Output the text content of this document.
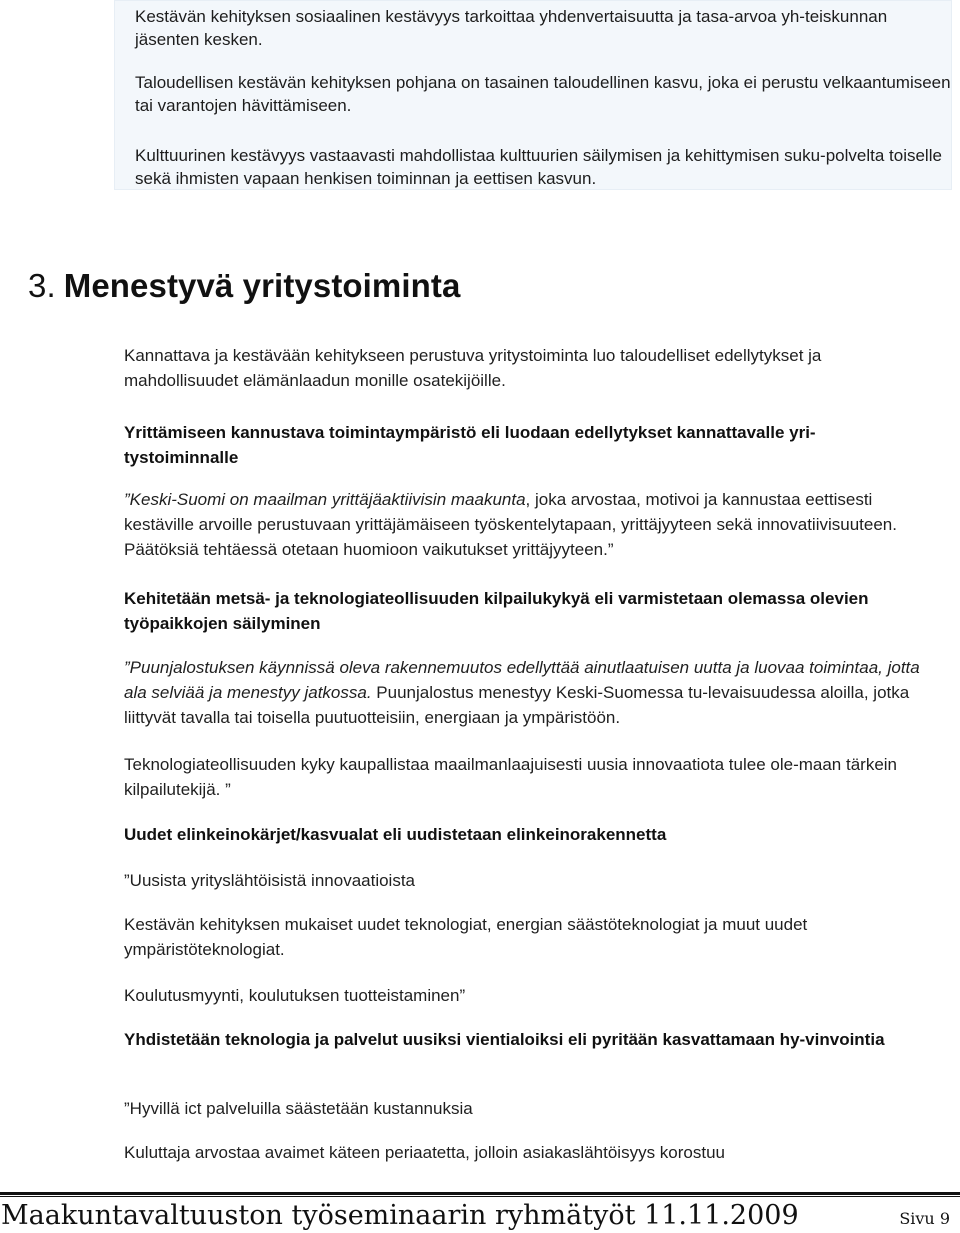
Kestävän kehityksen sosiaalinen kestävyys tarkoittaa yhdenvertaisuutta ja tasa-arvoa yh-teiskunnan jäsenten kesken.

Taloudellisen kestävän kehityksen pohjana on tasainen taloudellinen kasvu, joka ei perustu velkaantumiseen tai varantojen hävittämiseen.

Kulttuurinen kestävyys vastaavasti mahdollistaa kulttuurien säilymisen ja kehittymisen suku-polvelta toiselle sekä ihmisten vapaan henkisen toiminnan ja eettisen kasvun.

3. Menestyvä yritystoiminta

Kannattava ja kestävään kehitykseen perustuva yritystoiminta luo taloudelliset edellytykset ja mahdollisuudet elämänlaadun monille osatekijöille.

Yrittämiseen kannustava toimintaympäristö eli luodaan edellytykset kannattavalle yri-tystoiminnalle

”Keski-Suomi on maailman yrittäjäaktiivisin maakunta, joka arvostaa, motivoi ja kannustaa eettisesti kestäville arvoille perustuvaan yrittäjämäiseen työskentelytapaan, yrittäjyyteen sekä innovatiivisuuteen. Päätöksiä tehtäessä otetaan huomioon vaikutukset yrittäjyyteen.”

Kehitetään metsä- ja teknologiateollisuuden kilpailukykyä eli varmistetaan olemassa olevien työpaikkojen säilyminen

”Puunjalostuksen käynnissä oleva rakennemuutos edellyttää ainutlaatuisen uutta ja luovaa toimintaa, jotta ala selviää ja menestyy jatkossa. Puunjalostus menestyy Keski-Suomessa tu-levaisuudessa aloilla, jotka liittyvät tavalla tai toisella puutuotteisiin, energiaan ja ympäristöön.

Teknologiateollisuuden kyky kaupallistaa maailmanlaajuisesti uusia innovaatiota tulee ole-maan tärkein kilpailutekijä. ”

Uudet elinkeinokärjet/kasvualat eli uudistetaan elinkeinorakennetta

”Uusista yrityslähtöisistä innovaatioista

Kestävän kehityksen mukaiset uudet teknologiat, energian säästöteknologiat ja muut uudet ympäristöteknologiat.

Koulutusmyynti, koulutuksen tuotteistaminen”

Yhdistetään teknologia ja palvelut uusiksi vientialoiksi eli pyritään kasvattamaan hy-vinvointia

”Hyvillä ict palveluilla säästetään kustannuksia

Kuluttaja arvostaa avaimet käteen periaatetta, jolloin asiakaslähtöisyys korostuu

Maakuntavaltuuston työseminaarin ryhmätyöt 11.11.2009	Sivu 9
